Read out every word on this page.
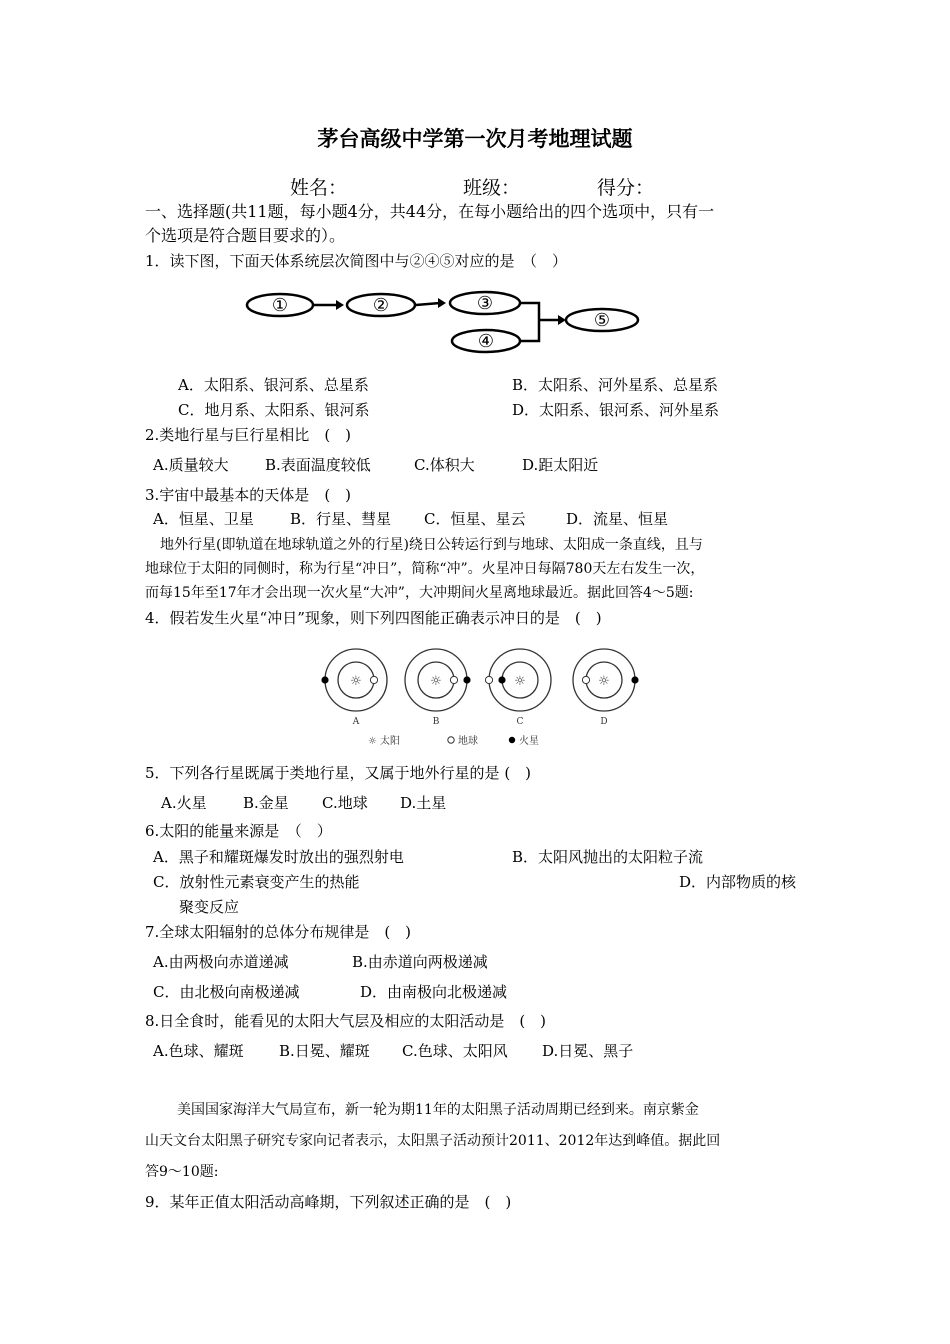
茅台高级中学第一次月考地理试题
姓名：	班级：	得分：
一、选择题(共11题，每小题4分，共44分，在每小题给出的四个选项中，只有一
个选项是符合题目要求的）。
1．读下图，下面天体系统层次简图中与②④⑤对应的是　（　）
①	②	③
④
⑤
A．太阳系、银河系、总星系	B．太阳系、河外星系、总星系
C．地月系、太阳系、银河系	D．太阳系、银河系、河外星系
2.类地行星与巨行星相比　(　)
A.质量较大 B.表面温度较低	C.体积大	D.距太阳近
3.宇宙中最基本的天体是　(　)
A．恒星、卫星 B．行星、彗星 C．恒星、星云	D．流星、恒星
地外行星(即轨道在地球轨道之外的行星)绕日公转运行到与地球、太阳成一条直线，且与
地球位于太阳的同侧时，称为行星“冲日”，简称“冲”。火星冲日每隔780天左右发生一次，
而每15年至17年才会出现一次火星“大冲”，大冲期间火星离地球最近。据此回答4～5题:
4．假若发生火星“冲日”现象，则下列四图能正确表示冲日的是　(　)
☼	☼	☼	☼
A	B	C	D
☼ 太阳	地球	火星
5．下列各行星既属于类地行星，又属于地外行星的是 (　)
A.火星 B.金星 C.地球 D.土星
6.太阳的能量来源是　（　）
A．黑子和耀斑爆发时放出的强烈射电	B．太阳风抛出的太阳粒子流
C．放射性元素衰变产生的热能	D．内部物质的核
聚变反应
7.全球太阳辐射的总体分布规律是　(　)
A.由两极向赤道递减	B.由赤道向两极递减
C．由北极向南极递减	D．由南极向北极递减
8.日全食时，能看见的太阳大气层及相应的太阳活动是　(　)
A.色球、耀斑 B.日冕、耀斑 C.色球、太阳风 D.日冕、黑子
美国国家海洋大气局宣布，新一轮为期11年的太阳黑子活动周期已经到来。南京紫金
山天文台太阳黑子研究专家向记者表示，太阳黑子活动预计2011、2012年达到峰值。据此回
答9～10题:
9．某年正值太阳活动高峰期，下列叙述正确的是　(　)
